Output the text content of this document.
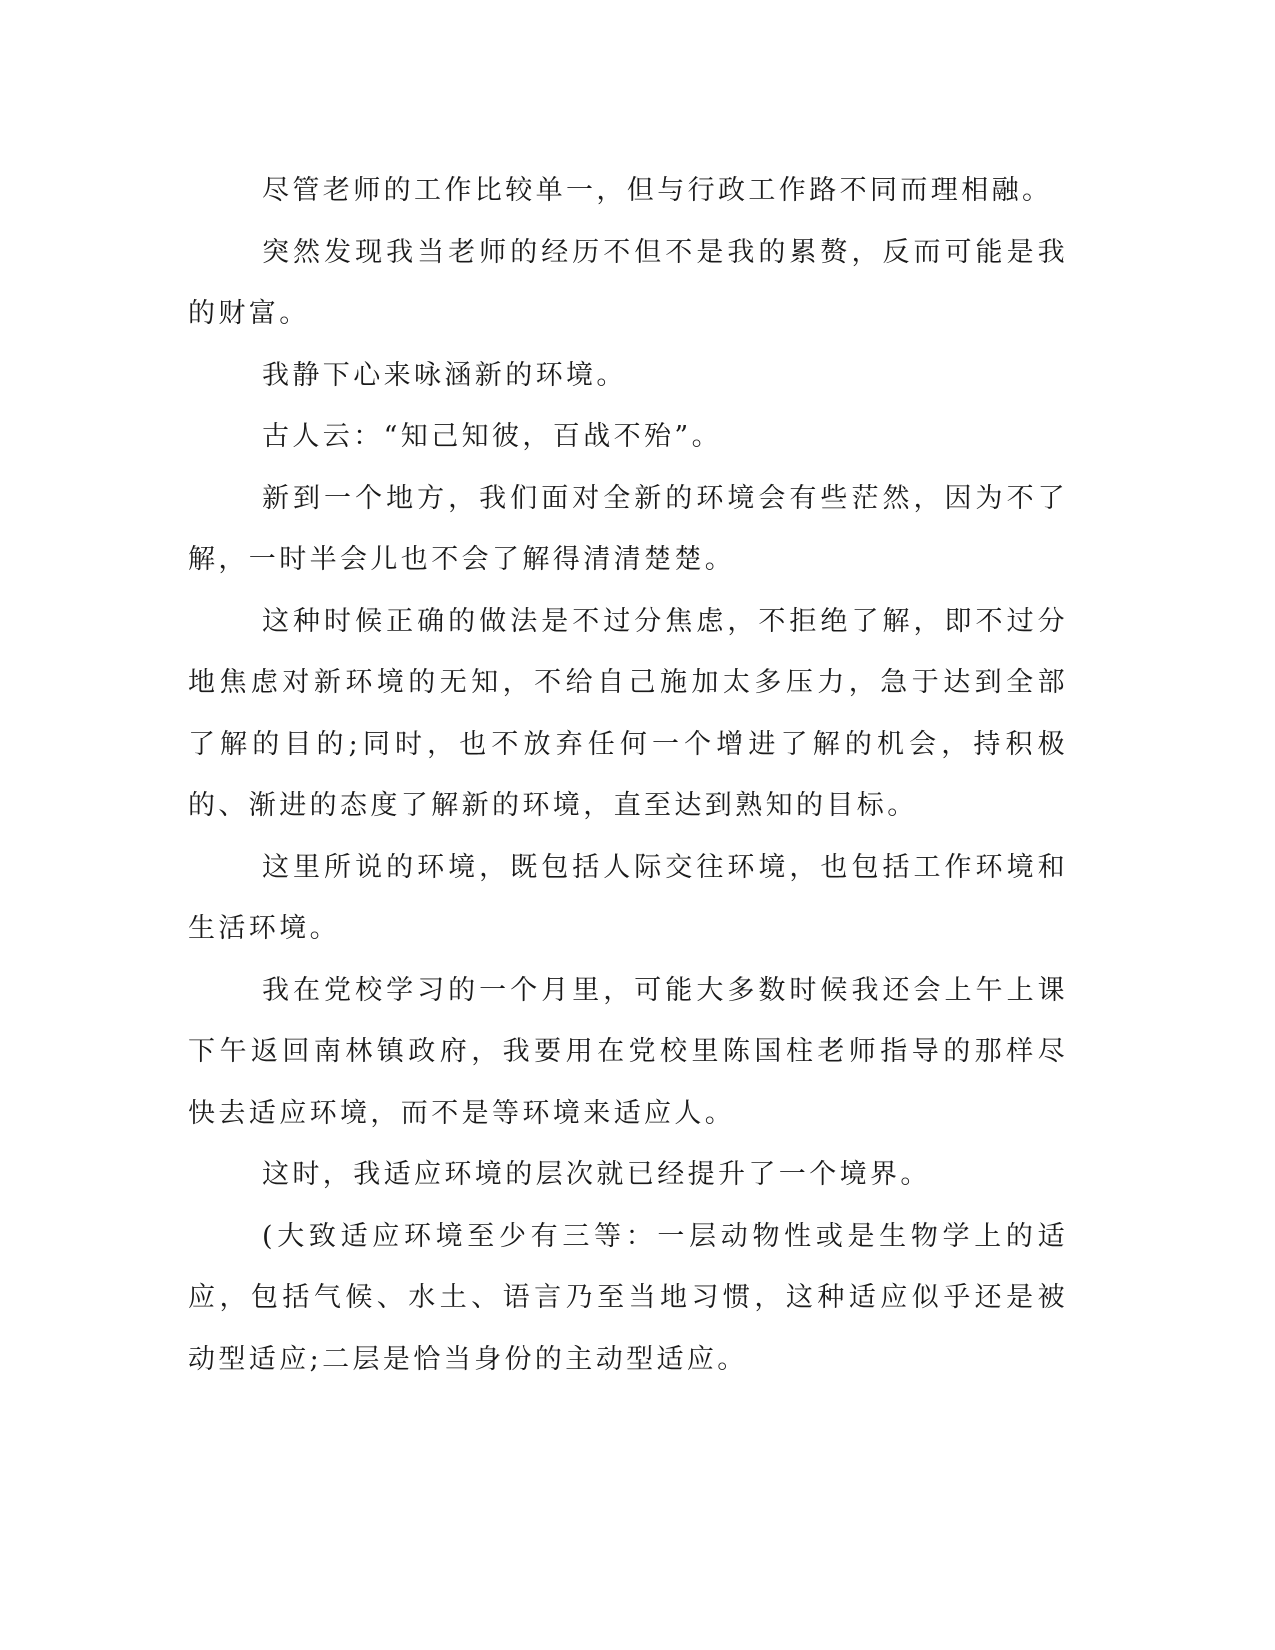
尽管老师的工作比较单一，但与行政工作路不同而理相融。

突然发现我当老师的经历不但不是我的累赘，反而可能是我的财富。

我静下心来咏涵新的环境。

古人云：“知己知彼，百战不殆”。

新到一个地方，我们面对全新的环境会有些茫然，因为不了解，一时半会儿也不会了解得清清楚楚。

这种时候正确的做法是不过分焦虑，不拒绝了解，即不过分地焦虑对新环境的无知，不给自己施加太多压力，急于达到全部了解的目的;同时，也不放弃任何一个增进了解的机会，持积极的、渐进的态度了解新的环境，直至达到熟知的目标。

这里所说的环境，既包括人际交往环境，也包括工作环境和生活环境。

我在党校学习的一个月里，可能大多数时候我还会上午上课下午返回南林镇政府，我要用在党校里陈国柱老师指导的那样尽快去适应环境，而不是等环境来适应人。

这时，我适应环境的层次就已经提升了一个境界。

(大致适应环境至少有三等：一层动物性或是生物学上的适应，包括气候、水土、语言乃至当地习惯，这种适应似乎还是被动型适应;二层是恰当身份的主动型适应。
